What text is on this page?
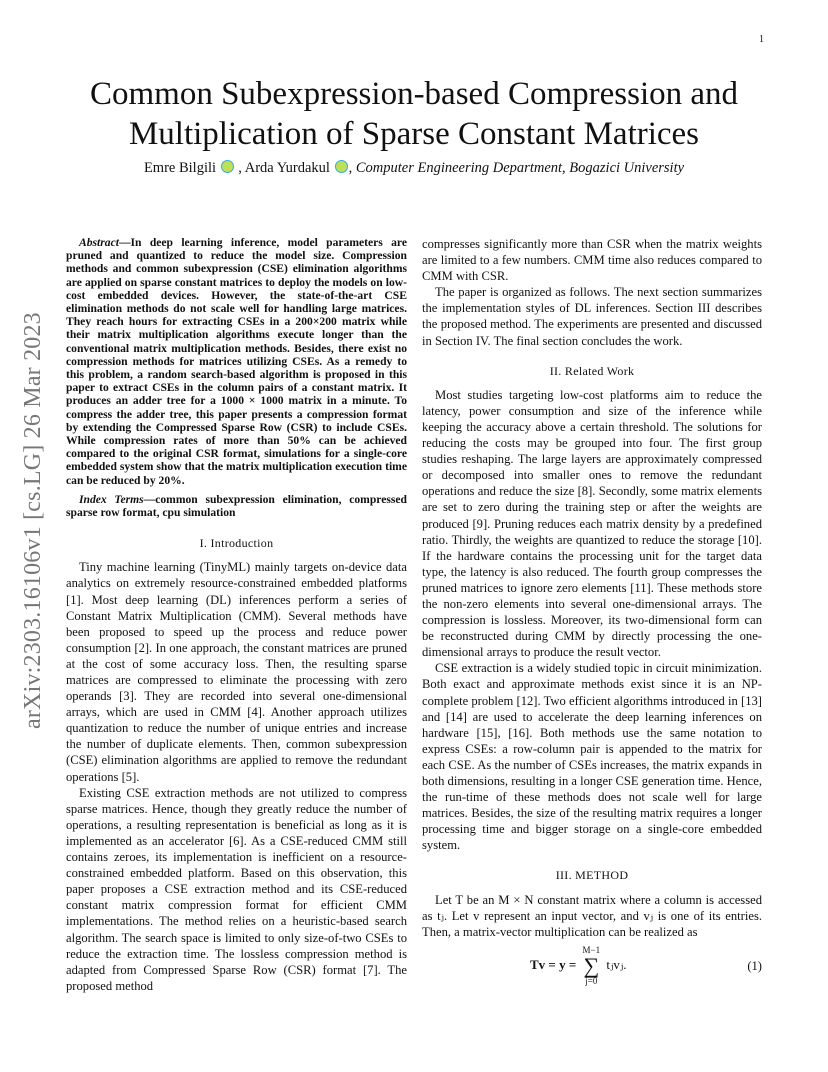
1
arXiv:2303.16106v1 [cs.LG] 26 Mar 2023
Common Subexpression-based Compression and Multiplication of Sparse Constant Matrices
Emre Bilgili  , Arda Yurdakul , Computer Engineering Department, Bogazici University

Abstract—In deep learning inference, model parameters are pruned and quantized to reduce the model size. Compression methods and common subexpression (CSE) elimination algorithms are applied on sparse constant matrices to deploy the models on low-cost embedded devices. However, the state-of-the-art CSE elimination methods do not scale well for handling large matrices. They reach hours for extracting CSEs in a 200×200 matrix while their matrix multiplication algorithms execute longer than the conventional matrix multiplication methods. Besides, there exist no compression methods for matrices utilizing CSEs. As a remedy to this problem, a random search-based algorithm is proposed in this paper to extract CSEs in the column pairs of a constant matrix. It produces an adder tree for a 1000 × 1000 matrix in a minute. To compress the adder tree, this paper presents a compression format by extending the Compressed Sparse Row (CSR) to include CSEs. While compression rates of more than 50% can be achieved compared to the original CSR format, simulations for a single-core embedded system show that the matrix multiplication execution time can be reduced by 20%.

Index Terms—common subexpression elimination, compressed sparse row format, cpu simulation

I. Introduction

Tiny machine learning (TinyML) mainly targets on-device data analytics on extremely resource-constrained embedded platforms [1]. Most deep learning (DL) inferences perform a series of Constant Matrix Multiplication (CMM). Several methods have been proposed to speed up the process and reduce power consumption [2]. In one approach, the constant matrices are pruned at the cost of some accuracy loss. Then, the resulting sparse matrices are compressed to eliminate the processing with zero operands [3]. They are recorded into several one-dimensional arrays, which are used in CMM [4]. Another approach utilizes quantization to reduce the number of unique entries and increase the number of duplicate elements. Then, common subexpression (CSE) elimination algorithms are applied to remove the redundant operations [5].

Existing CSE extraction methods are not utilized to compress sparse matrices. Hence, though they greatly reduce the number of operations, a resulting representation is beneficial as long as it is implemented as an accelerator [6]. As a CSE-reduced CMM still contains zeroes, its implementation is inefficient on a resource-constrained embedded platform. Based on this observation, this paper proposes a CSE extraction method and its CSE-reduced constant matrix compression format for efficient CMM implementations. The method relies on a heuristic-based search algorithm. The search space is limited to only size-of-two CSEs to reduce the extraction time. The lossless compression method is adapted from Compressed Sparse Row (CSR) format [7]. The proposed method

compresses significantly more than CSR when the matrix weights are limited to a few numbers. CMM time also reduces compared to CMM with CSR.

The paper is organized as follows. The next section summarizes the implementation styles of DL inferences. Section III describes the proposed method. The experiments are presented and discussed in Section IV. The final section concludes the work.

II. Related Work

Most studies targeting low-cost platforms aim to reduce the latency, power consumption and size of the inference while keeping the accuracy above a certain threshold. The solutions for reducing the costs may be grouped into four. The first group studies reshaping. The large layers are approximately compressed or decomposed into smaller ones to remove the redundant operations and reduce the size [8]. Secondly, some matrix elements are set to zero during the training step or after the weights are produced [9]. Pruning reduces each matrix density by a predefined ratio. Thirdly, the weights are quantized to reduce the storage [10]. If the hardware contains the processing unit for the target data type, the latency is also reduced. The fourth group compresses the pruned matrices to ignore zero elements [11]. These methods store the non-zero elements into several one-dimensional arrays. The compression is lossless. Moreover, its two-dimensional form can be reconstructed during CMM by directly processing the one-dimensional arrays to produce the result vector.

CSE extraction is a widely studied topic in circuit minimization. Both exact and approximate methods exist since it is an NP-complete problem [12]. Two efficient algorithms introduced in [13] and [14] are used to accelerate the deep learning inferences on hardware [15], [16]. Both methods use the same notation to express CSEs: a row-column pair is appended to the matrix for each CSE. As the number of CSEs increases, the matrix expands in both dimensions, resulting in a longer CSE generation time. Hence, the run-time of these methods does not scale well for large matrices. Besides, the size of the resulting matrix requires a longer processing time and bigger storage on a single-core embedded system.

III. METHOD

Let T be an M × N constant matrix where a column is accessed as tⱼ. Let v represent an input vector, and vⱼ is one of its entries. Then, a matrix-vector multiplication can be realized as

Tv = y =
M−1
∑
j=0
tⱼvⱼ.	(1)
